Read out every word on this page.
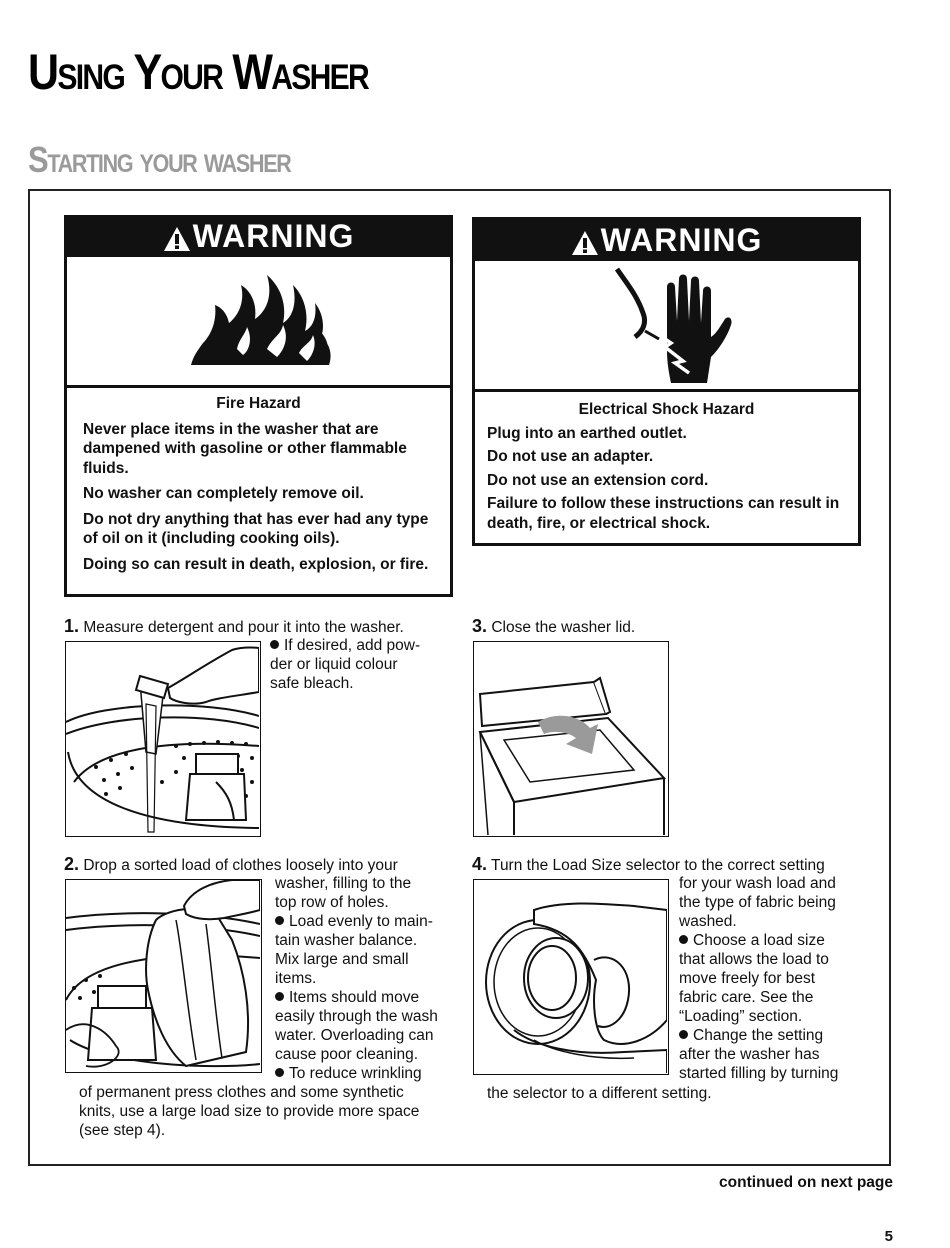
Using Your Washer
Starting your washer
WARNING
Fire Hazard

Never place items in the washer that are dampened with gasoline or other flammable fluids.

No washer can completely remove oil.

Do not dry anything that has ever had any type of oil on it (including cooking oils).

Doing so can result in death, explosion, or fire.

WARNING
Electrical Shock Hazard

Plug into an earthed outlet.

Do not use an adapter.

Do not use an extension cord.

Failure to follow these instructions can result in death, fire, or electrical shock.

1. Measure detergent and pour it into the washer.
If desired, add pow-
der or liquid colour
safe bleach.
3. Close the washer lid.
2. Drop a sorted load of clothes loosely into your
washer, filling to the
top row of holes.
Load evenly to main-
tain washer balance.
Mix large and small
items.
Items should move
easily through the wash
water. Overloading can
cause poor cleaning.
To reduce wrinkling
of permanent press clothes and some synthetic
knits, use a large load size to provide more space
(see step 4).
4. Turn the Load Size selector to the correct setting
for your wash load and
the type of fabric being
washed.
Choose a load size
that allows the load to
move freely for best
fabric care. See the
“Loading” section.
Change the setting
after the washer has
started filling by turning
the selector to a different setting.
continued on next page
5
